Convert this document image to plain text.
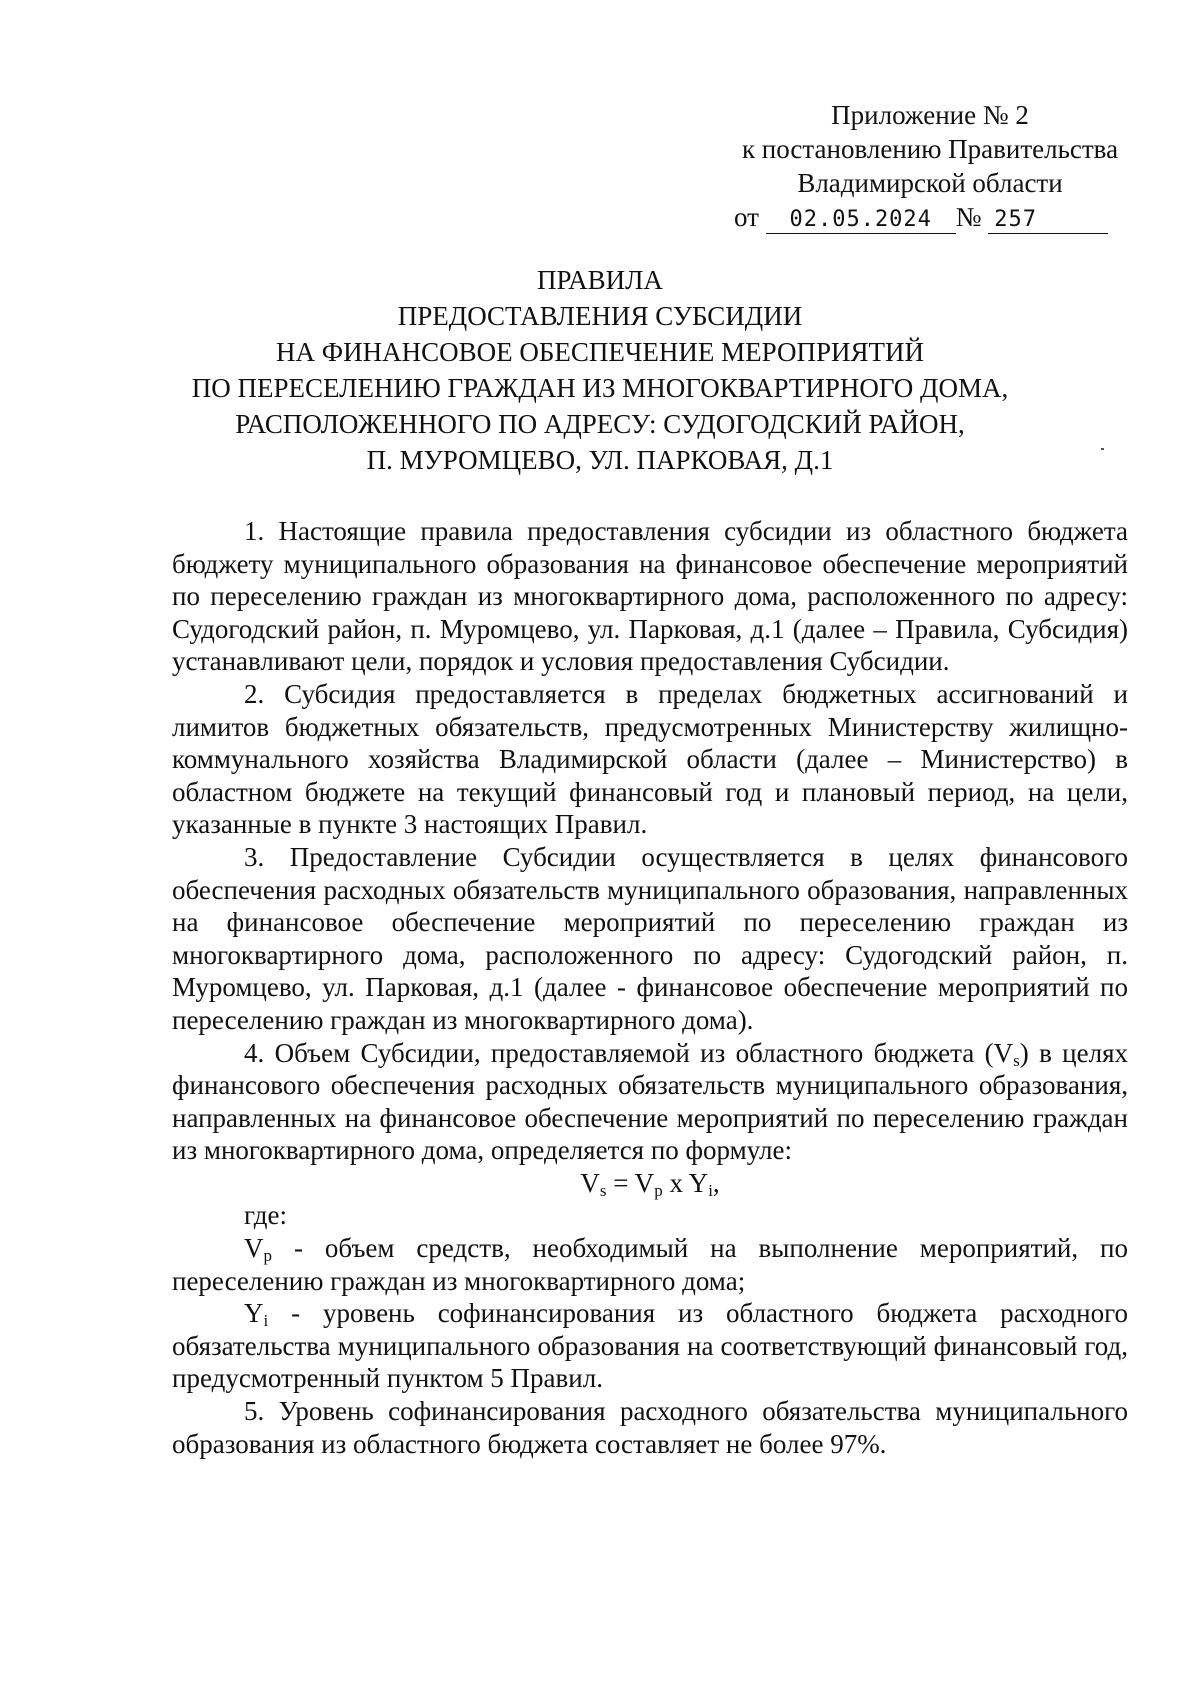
Приложение № 2
к постановлению Правительства
Владимирской области
от 02.05.2024 № 257
ПРАВИЛА
ПРЕДОСТАВЛЕНИЯ СУБСИДИИ
НА ФИНАНСОВОЕ ОБЕСПЕЧЕНИЕ МЕРОПРИЯТИЙ
ПО ПЕРЕСЕЛЕНИЮ ГРАЖДАН ИЗ МНОГОКВАРТИРНОГО ДОМА,
РАСПОЛОЖЕННОГО ПО АДРЕСУ: СУДОГОДСКИЙ РАЙОН,
П. МУРОМЦЕВО, УЛ. ПАРКОВАЯ, Д.1

1. Настоящие правила предоставления субсидии из областного бюджета бюджету муниципального образования на финансовое обеспечение мероприятий по переселению граждан из многоквартирного дома, расположенного по адресу: Судогодский район, п. Муромцево, ул. Парковая, д.1 (далее – Правила, Субсидия) устанавливают цели, порядок и условия предоставления Субсидии.

2. Субсидия предоставляется в пределах бюджетных ассигнований и лимитов бюджетных обязательств, предусмотренных Министерству жилищно-коммунального хозяйства Владимирской области (далее – Министерство) в областном бюджете на текущий финансовый год и плановый период, на цели, указанные в пункте 3 настоящих Правил.

3. Предоставление Субсидии осуществляется в целях финансового обеспечения расходных обязательств муниципального образования, направленных на финансовое обеспечение мероприятий по переселению граждан из многоквартирного дома, расположенного по адресу: Судогодский район, п. Муромцево, ул. Парковая, д.1 (далее - финансовое обеспечение мероприятий по переселению граждан из многоквартирного дома).

4. Объем Субсидии, предоставляемой из областного бюджета $(V_s)$ в целях финансового обеспечения расходных обязательств муниципального образования, направленных на финансовое обеспечение мероприятий по переселению граждан из многоквартирного дома, определяется по формуле:

$V_s = V_p$ x $Y_i$,

где:

$V_p$ - объем средств, необходимый на выполнение мероприятий, по переселению граждан из многоквартирного дома;

$Y_i$ - уровень софинансирования из областного бюджета расходного обязательства муниципального образования на соответствующий финансовый год, предусмотренный пунктом 5 Правил.

5. Уровень софинансирования расходного обязательства муниципального образования из областного бюджета составляет не более 97%.
